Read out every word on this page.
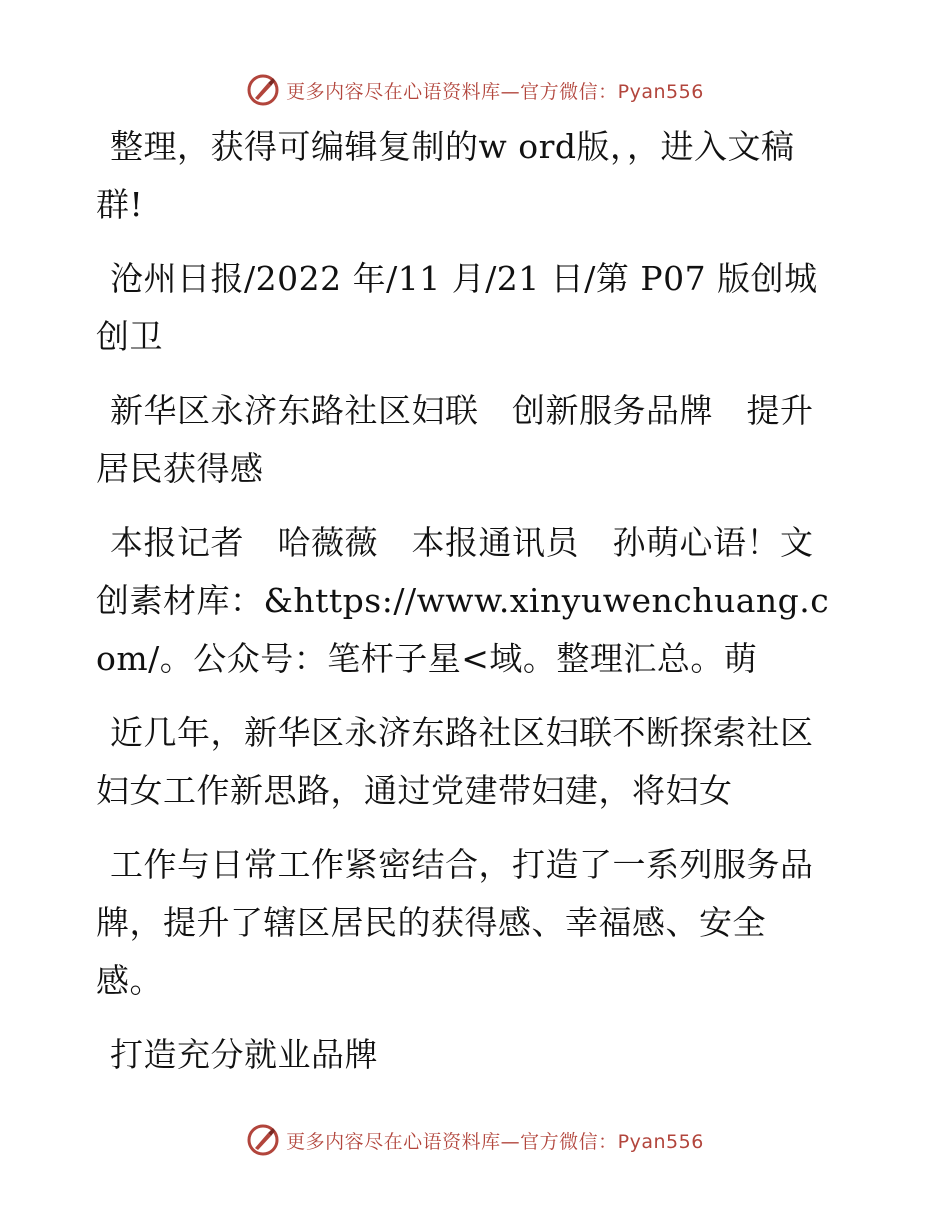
更多内容尽在心语资料库—官方微信：Pyan556

整理，获得可编辑复制的w ord版，，进入文稿群!

沧州日报/2022 年/11 月/21 日/第 P07 版创城创卫

新华区永济东路社区妇联　创新服务品牌　提升居民获得感

本报记者　哈薇薇　本报通讯员　孙萌心语！文创素材库：&https://www.xinyuwenchuang.com/。公众号：笔杆子星<域。整理汇总。萌

近几年，新华区永济东路社区妇联不断探索社区妇女工作新思路，通过党建带妇建，将妇女

工作与日常工作紧密结合，打造了一系列服务品牌，提升了辖区居民的获得感、幸福感、安全感。

打造充分就业品牌

更多内容尽在心语资料库—官方微信：Pyan556
